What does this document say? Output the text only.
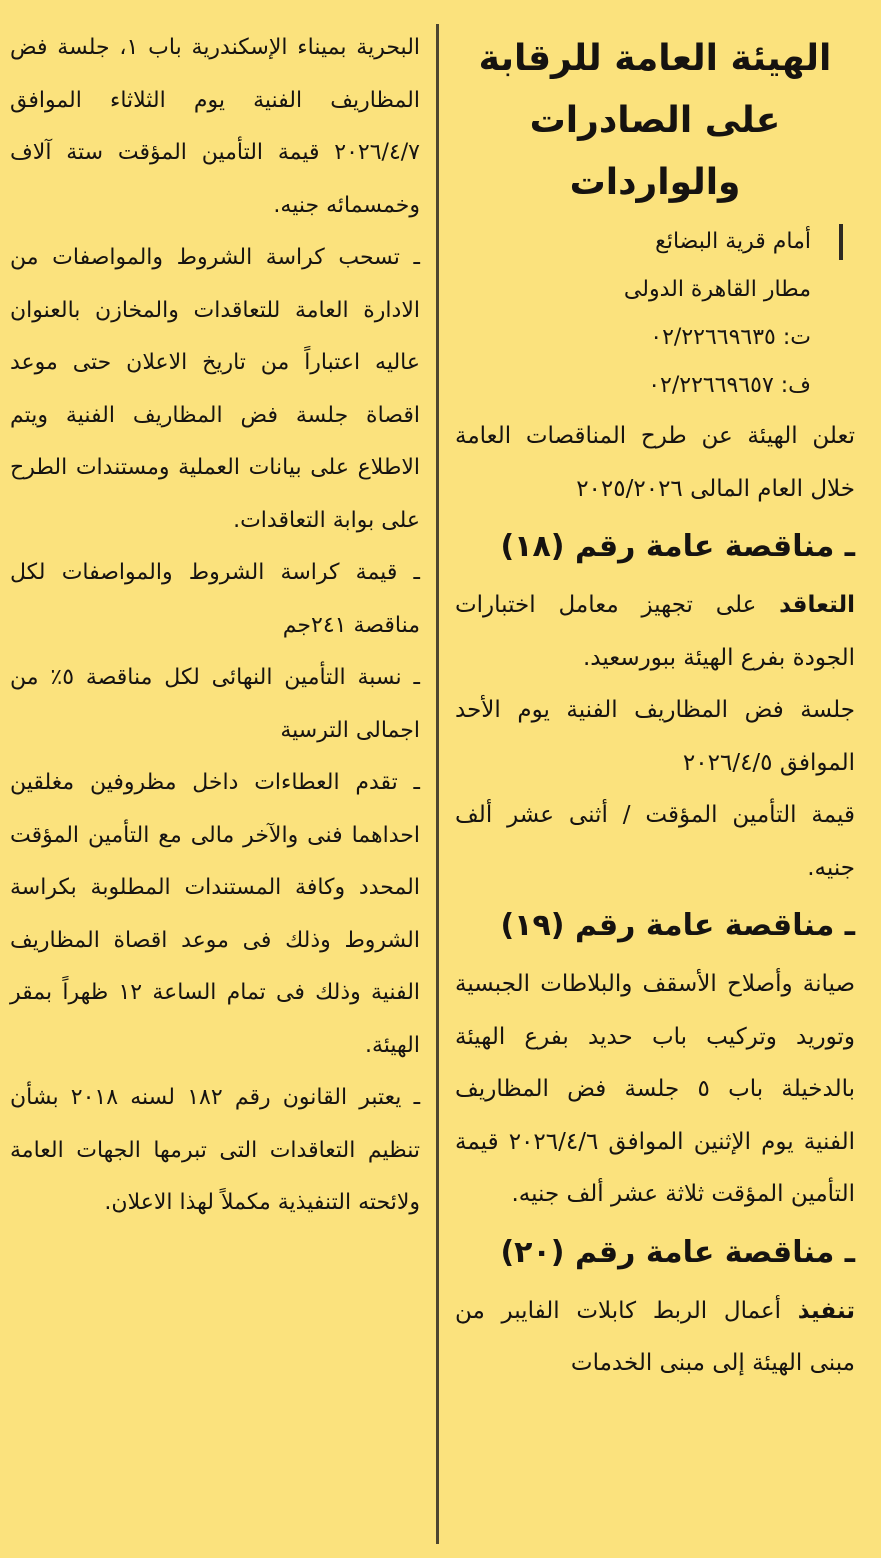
الهيئة العامة للرقابة
على الصادرات
والواردات
أمام قرية البضائع
مطار القاهرة الدولى
ت: ٠٢/٢٢٦٦٩٦٣٥
ف: ٠٢/٢٢٦٦٩٦٥٧

تعلن الهيئة عن طرح المناقصات العامة خلال العام المالى ٢٠٢٥/٢٠٢٦

ـ مناقصة عامة رقم (١٨)

التعاقد على تجهيز معامل اختبارات الجودة بفرع الهيئة ببورسعيد.

جلسة فض المظاريف الفنية يوم الأحد الموافق ٢٠٢٦/٤/٥

قيمة التأمين المؤقت / أثنى عشر ألف جنيه.

ـ مناقصة عامة رقم (١٩)

صيانة وأصلاح الأسقف والبلاطات الجبسية وتوريد وتركيب باب حديد بفرع الهيئة بالدخيلة باب ٥ جلسة فض المظاريف الفنية يوم الإثنين الموافق ٢٠٢٦/٤/٦ قيمة التأمين المؤقت ثلاثة عشر ألف جنيه.

ـ مناقصة عامة رقم (٢٠)

تنفيذ أعمال الربط كابلات الفايبر من مبنى الهيئة إلى مبنى الخدمات

البحرية بميناء الإسكندرية باب ١، جلسة فض المظاريف الفنية يوم الثلاثاء الموافق ٢٠٢٦/٤/٧ قيمة التأمين المؤقت ستة آلاف وخمسمائه جنيه.

ـ تسحب كراسة الشروط والمواصفات من الادارة العامة للتعاقدات والمخازن بالعنوان عاليه اعتباراً من تاريخ الاعلان حتى موعد اقصاة جلسة فض المظاريف الفنية ويتم الاطلاع على بيانات العملية ومستندات الطرح على بوابة التعاقدات.

ـ قيمة كراسة الشروط والمواصفات لكل مناقصة ٢٤١جم

ـ نسبة التأمين النهائى لكل مناقصة ٥٪ من اجمالى الترسية

ـ تقدم العطاءات داخل مظروفين مغلقين احداهما فنى والآخر مالى مع التأمين المؤقت المحدد وكافة المستندات المطلوبة بكراسة الشروط وذلك فى موعد اقصاة المظاريف الفنية وذلك فى تمام الساعة ١٢ ظهراً بمقر الهيئة.

ـ يعتبر القانون رقم ١٨٢ لسنه ٢٠١٨ بشأن تنظيم التعاقدات التى تبرمها الجهات العامة ولائحته التنفيذية مكملاً لهذا الاعلان.
